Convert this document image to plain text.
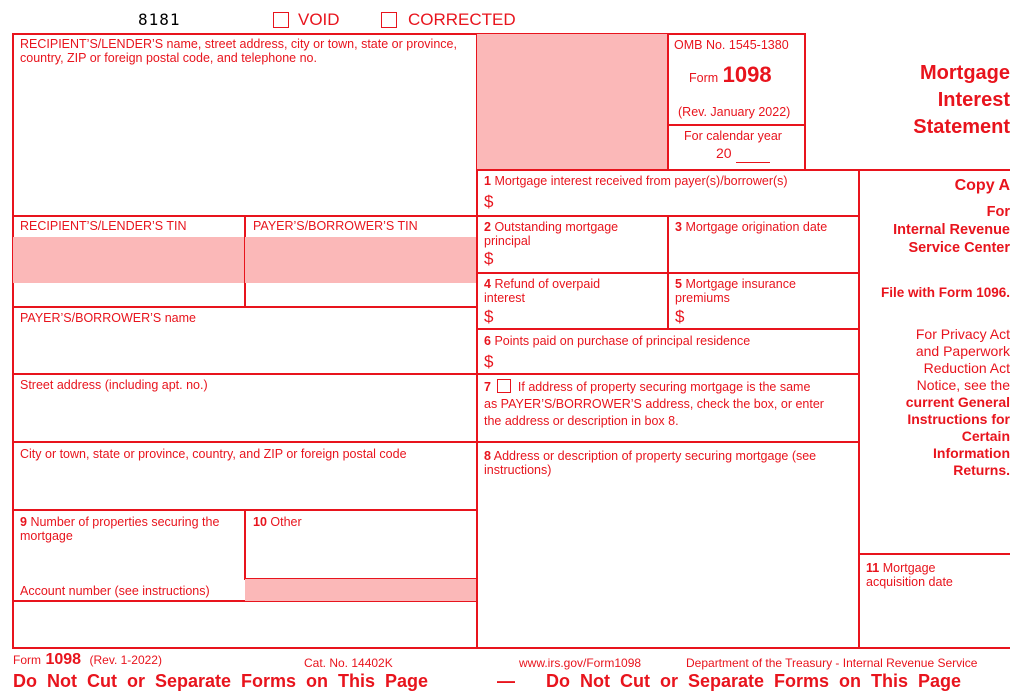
8181	VOID	CORRECTED
RECIPIENT’S/LENDER’S name, street address, city or town, state or province, country, ZIP or foreign postal code, and telephone no.
RECIPIENT’S/LENDER’S TIN	PAYER’S/BORROWER’S TIN
PAYER’S/BORROWER’S name
Street address (including apt. no.)
City or town, state or province, country, and ZIP or foreign postal code
9 Number of properties securing the
mortgage
10 Other
Account number (see instructions)
OMB No. 1545-1380
Form 1098
(Rev. January 2022)
For calendar year
20
Mortgage
Interest
Statement
1 Mortgage interest received from payer(s)/borrower(s)
$
2 Outstanding mortgage
principal
$
3 Mortgage origination date
4 Refund of overpaid
interest
$
5 Mortgage insurance
premiums
$
6 Points paid on purchase of principal residence
$
7 If address of property securing mortgage is the same
as PAYER’S/BORROWER’S address, check the box, or enter
the address or description in box 8.
8 Address or description of property securing mortgage (see
instructions)
Copy A
For
Internal Revenue
Service Center
File with Form 1096.
For Privacy Act
and Paperwork
Reduction Act
Notice, see the
current General
Instructions for
Certain
Information
Returns.
11 Mortgage
acquisition date
Form 1098 (Rev. 1-2022)	Cat. No. 14402K	www.irs.gov/Form1098	Department of the Treasury - Internal Revenue Service
Do Not Cut or Separate Forms on This Page	— Do Not Cut or Separate Forms on This Page
